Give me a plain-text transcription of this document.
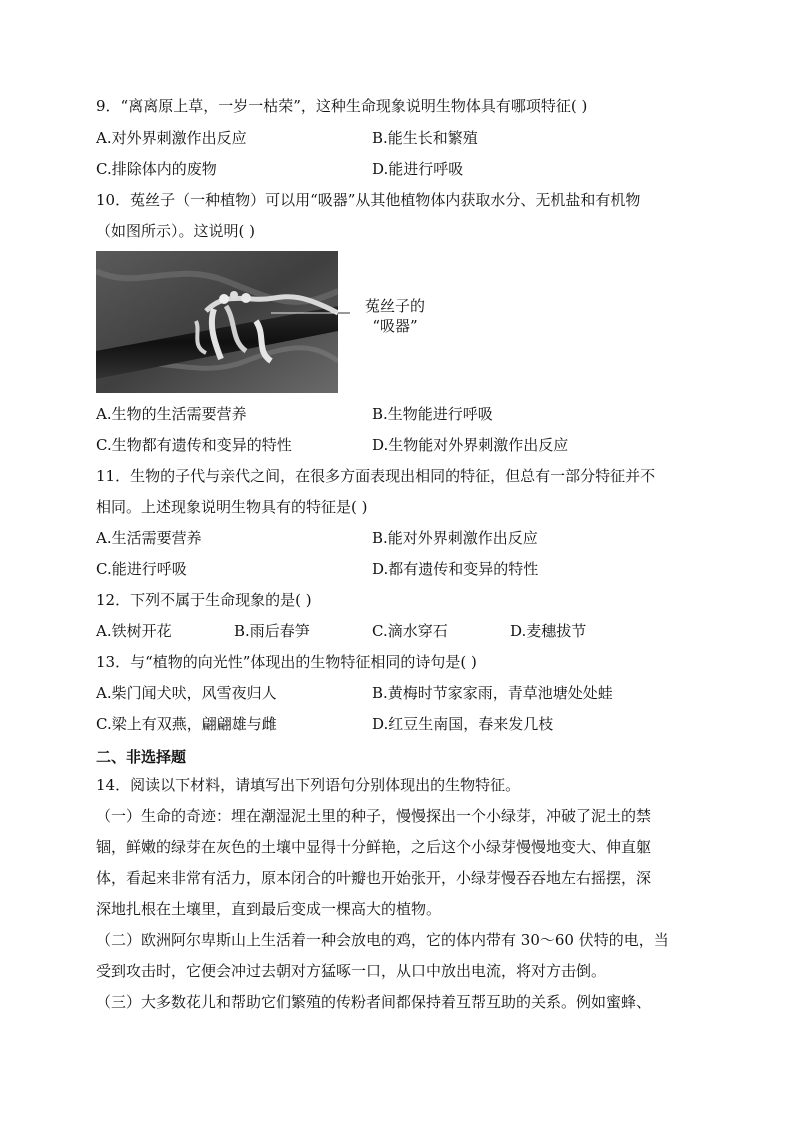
9．“离离原上草，一岁一枯荣”，这种生命现象说明生物体具有哪项特征( )
A.对外界刺激作出反应	B.能生长和繁殖
C.排除体内的废物	D.能进行呼吸
10．菟丝子（一种植物）可以用“吸器”从其他植物体内获取水分、无机盐和有机物
（如图所示）。这说明( )
菟丝子的
“吸器”
A.生物的生活需要营养	B.生物能进行呼吸
C.生物都有遗传和变异的特性	D.生物能对外界刺激作出反应
11．生物的子代与亲代之间，在很多方面表现出相同的特征，但总有一部分特征并不
相同。上述现象说明生物具有的特征是( )
A.生活需要营养	B.能对外界刺激作出反应
C.能进行呼吸	D.都有遗传和变异的特性
12．下列不属于生命现象的是( )
A.铁树开花	B.雨后春笋	C.滴水穿石	D.麦穗拔节
13．与“植物的向光性”体现出的生物特征相同的诗句是( )
A.柴门闻犬吠，风雪夜归人	B.黄梅时节家家雨，青草池塘处处蛙
C.梁上有双燕，翩翩雄与雌	D.红豆生南国，春来发几枝
二、非选择题
14．阅读以下材料，请填写出下列语句分别体现出的生物特征。
（一）生命的奇迹：埋在潮湿泥土里的种子，慢慢探出一个小绿芽，冲破了泥土的禁
锢，鲜嫩的绿芽在灰色的土壤中显得十分鲜艳，之后这个小绿芽慢慢地变大、伸直躯
体，看起来非常有活力，原本闭合的叶瓣也开始张开，小绿芽慢吞吞地左右摇摆，深
深地扎根在土壤里，直到最后变成一棵高大的植物。
（二）欧洲阿尔卑斯山上生活着一种会放电的鸡，它的体内带有 30～60 伏特的电，当
受到攻击时，它便会冲过去朝对方猛啄一口，从口中放出电流，将对方击倒。
（三）大多数花儿和帮助它们繁殖的传粉者间都保持着互帮互助的关系。例如蜜蜂、
